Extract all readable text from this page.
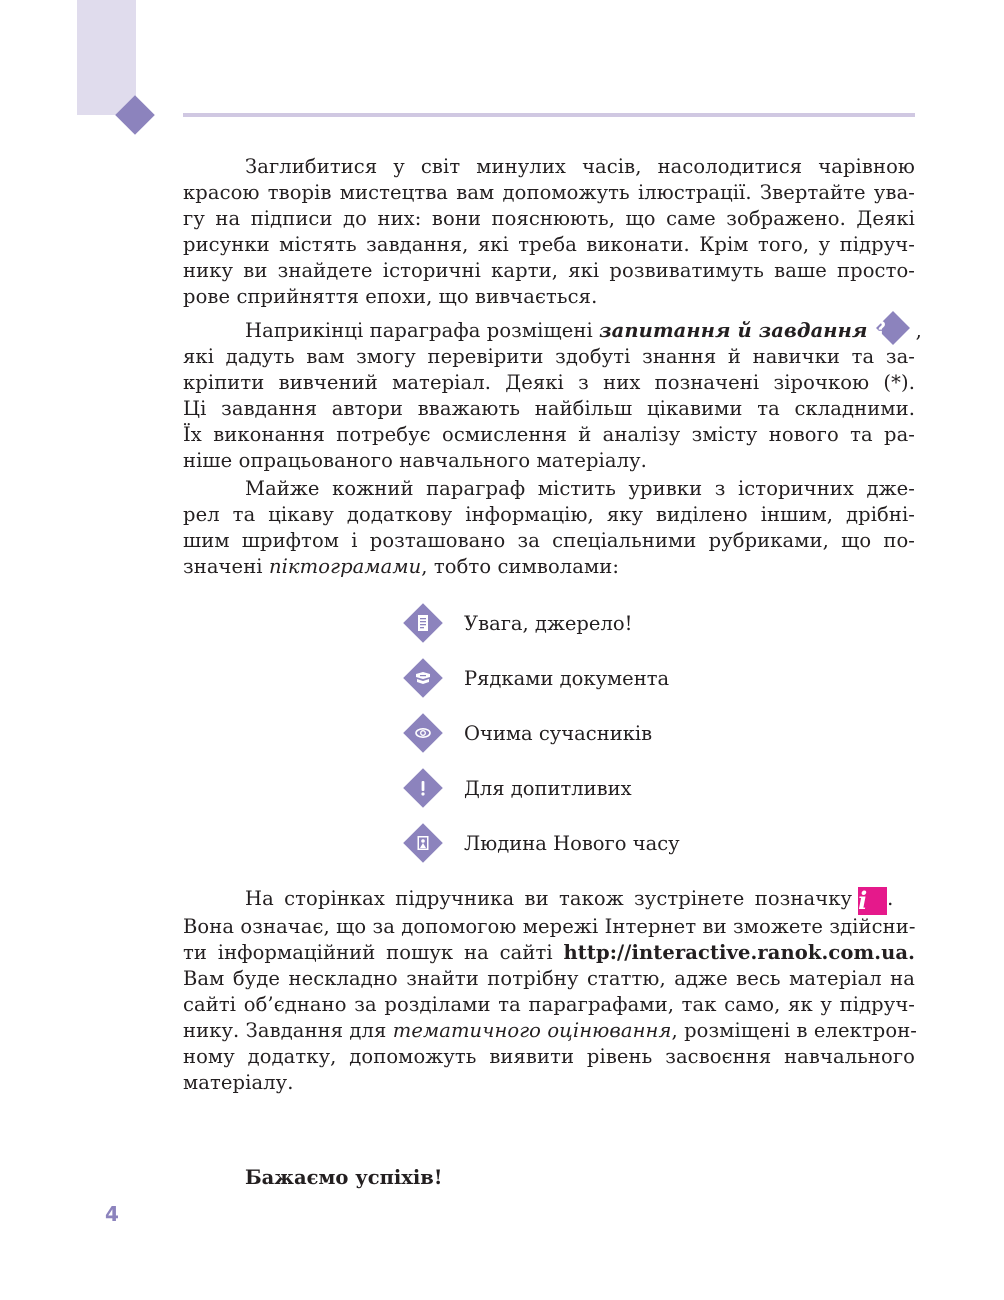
Заглибитися у світ минулих часів, насолодитися чарівною
красою творів мистецтва вам допоможуть ілюстрації. Звертайте ува-
гу на підписи до них: вони пояснюють, що саме зображено. Деякі
рисунки містять завдання, які треба виконати. Крім того, у підруч-
нику ви знайдете історичні карти, які розвиватимуть ваше просто-
рове сприйняття епохи, що вивчається.
Наприкінці параграфа розміщені запитання й завдання ?	,
які дадуть вам змогу перевірити здобуті знання й навички та за-
кріпити вивчений матеріал. Деякі з них позначені зірочкою (*).
Ці завдання автори вважають найбільш цікавими та складними.
Їх виконання потребує осмислення й аналізу змісту нового та ра-
ніше опрацьованого навчального матеріалу.
Майже кожний параграф містить уривки з історичних дже-
рел та цікаву додаткову інформацію, яку виділено іншим, дрібні-
шим шрифтом і розташовано за спеціальними рубриками, що по-
значені піктограмами, тобто символами:
Увага, джерело!
Рядками документа
Очима сучасників
Для допитливих
Людина Нового часу
На сторінках підручника ви також зустрінете позначку i .
Вона означає, що за допомогою мережі Інтернет ви зможете здійсни-
ти інформаційний пошук на сайті http://interactive.ranok.com.ua.
Вам буде нескладно знайти потрібну статтю, адже весь матеріал на
сайті об’єднано за розділами та параграфами, так само, як у підруч-
нику. Завдання для тематичного оцінювання, розміщені в електрон-
ному додатку, допоможуть виявити рівень засвоєння навчального
матеріалу.
Бажаємо успіхів!
4
